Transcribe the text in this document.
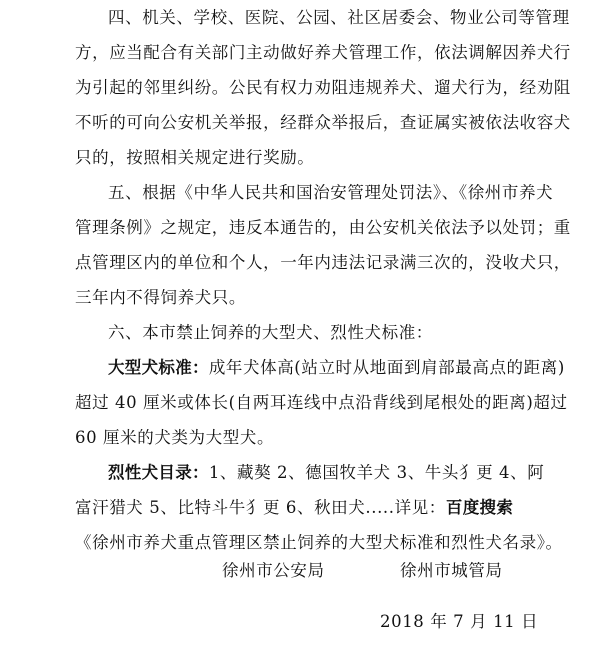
四、机关、学校、医院、公园、社区居委会、物业公司等管理
方，应当配合有关部门主动做好养犬管理工作，依法调解因养犬行
为引起的邻里纠纷。公民有权力劝阻违规养犬、遛犬行为，经劝阻
不听的可向公安机关举报，经群众举报后，查证属实被依法收容犬
只的，按照相关规定进行奖励。
五、根据《中华人民共和国治安管理处罚法》、《徐州市养犬
管理条例》之规定，违反本通告的，由公安机关依法予以处罚；重
点管理区内的单位和个人，一年内违法记录满三次的，没收犬只，
三年内不得饲养犬只。
六、本市禁止饲养的大型犬、烈性犬标准：
大型犬标准：成年犬体高(站立时从地面到肩部最高点的距离)
超过 40 厘米或体长(自两耳连线中点沿背线到尾根处的距离)超过
60 厘米的犬类为大型犬。
烈性犬目录：1、藏獒 2、德国牧羊犬 3、牛头犭更 4、阿
富汗猎犬 5、比特斗牛犭更 6、秋田犬.....详见：百度搜索
《徐州市养犬重点管理区禁止饲养的大型犬标准和烈性犬名录》。
徐州市公安局	徐州市城管局
2018 年 7 月 11 日
